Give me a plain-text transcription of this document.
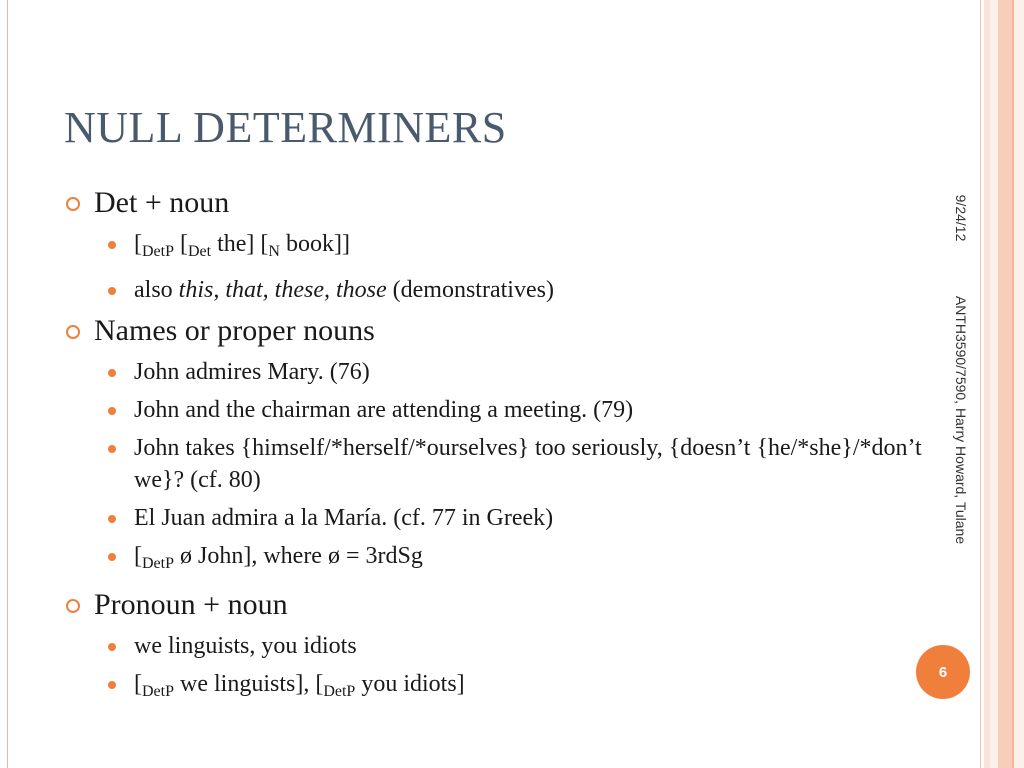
NULL DETERMINERS
Det + noun
[$_{DetP}$ [$_{Det}$ the] [$_N$ book]]
also this, that, these, those (demonstratives)
Names or proper nouns
John admires Mary. (76)
John and the chairman are attending a meeting. (79)
John takes {himself/*herself/*ourselves} too seriously, {doesn’t {he/*she}/*don’t we}? (cf. 80)
El Juan admira a la María. (cf. 77 in Greek)
[$_{DetP}$ ø John], where ø = 3rdSg
Pronoun + noun
we linguists, you idiots
[$_{DetP}$ we linguists], [$_{DetP}$ you idiots]
9/24/12
ANTH3590/7590, Harry Howard, Tulane
6
